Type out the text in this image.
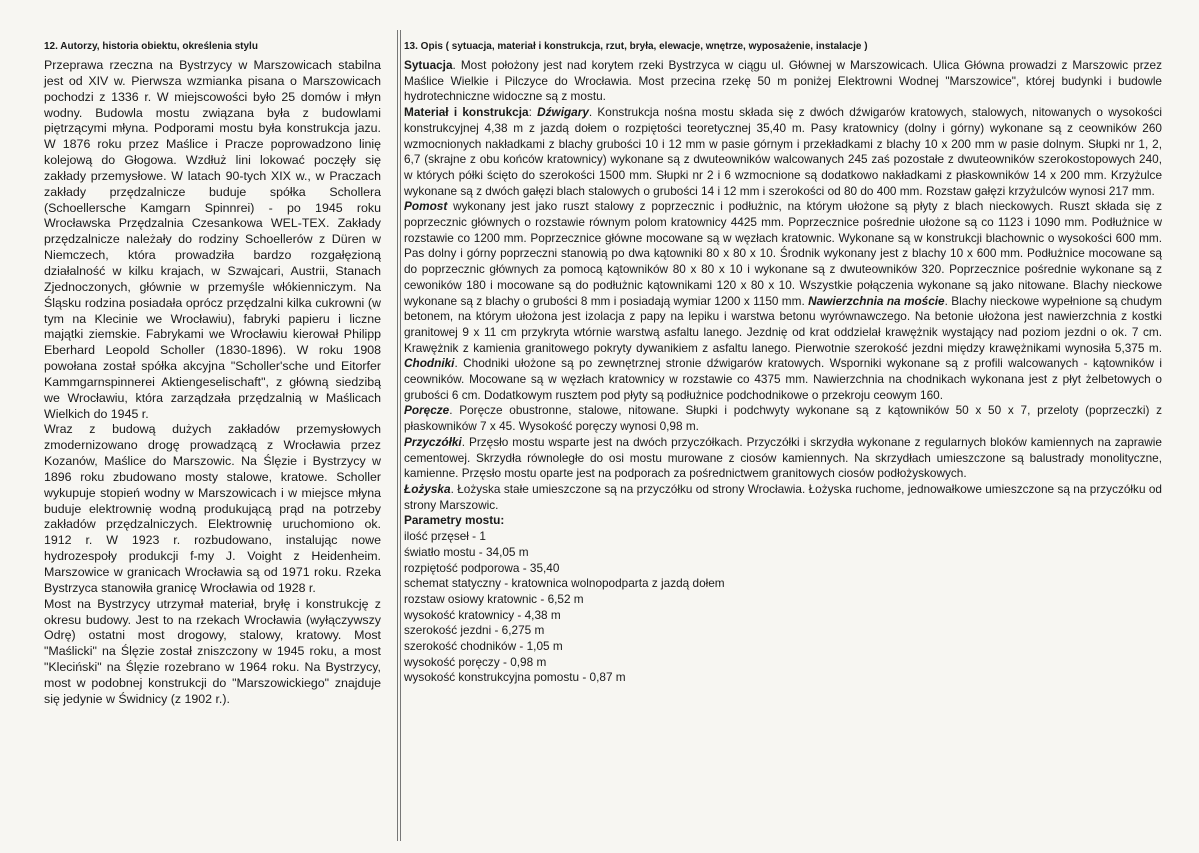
12. Autorzy, historia obiektu, określenia stylu

Przeprawa rzeczna na Bystrzycy w Marszowicach stabilna jest od XIV w. Pierwsza wzmianka pisana o Marszowicach pochodzi z 1336 r. W miejscowości było 25 domów i młyn wodny. Budowla mostu związana była z budowlami piętrzącymi młyna. Podporami mostu była konstrukcja jazu. W 1876 roku przez Maślice i Pracze poprowadzono linię kolejową do Głogowa. Wzdłuż lini lokować poczęły się zakłady przemysłowe. W latach 90-tych XIX w., w Praczach zakłady przędzalnicze buduje spółka Schollera (Schoellersche Kamgarn Spinnrei) - po 1945 roku Wrocławska Przędzalnia Czesankowa WEL-TEX. Zakłady przędzalnicze należały do rodziny Schoellerów z Düren w Niemczech, która prowadziła bardzo rozgałęzioną działalność w kilku krajach, w Szwajcari, Austrii, Stanach Zjednoczonych, głównie w przemyśle włókienniczym. Na Śląsku rodzina posiadała oprócz przędzalni kilka cukrowni (w tym na Klecinie we Wrocławiu), fabryki papieru i liczne majątki ziemskie. Fabrykami we Wrocławiu kierował Philipp Eberhard Leopold Scholler (1830-1896). W roku 1908 powołana został spółka akcyjna "Scholler'sche und Eitorfer Kammgarnspinnerei Aktiengeselischaft", z główną siedzibą we Wrocławiu, która zarządzała przędzalnią w Maślicach Wielkich do 1945 r.

Wraz z budową dużych zakładów przemysłowych zmodernizowano drogę prowadzącą z Wrocławia przez Kozanów, Maślice do Marszowic. Na Ślęzie i Bystrzycy w 1896 roku zbudowano mosty stalowe, kratowe. Scholler wykupuje stopień wodny w Marszowicach i w miejsce młyna buduje elektrownię wodną produkującą prąd na potrzeby zakładów przędzalniczych. Elektrownię uruchomiono ok. 1912 r. W 1923 r. rozbudowano, instalując nowe hydrozespoły produkcji f-my J. Voight z Heidenheim. Marszowice w granicach Wrocławia są od 1971 roku. Rzeka Bystrzyca stanowiła granicę Wrocławia od 1928 r.

Most na Bystrzycy utrzymał materiał, bryłę i konstrukcję z okresu budowy. Jest to na rzekach Wrocławia (wyłączywszy Odrę) ostatni most drogowy, stalowy, kratowy. Most "Maślicki" na Ślęzie został zniszczony w 1945 roku, a most "Kleciński" na Ślęzie rozebrano w 1964 roku. Na Bystrzycy, most w podobnej konstrukcji do "Marszowickiego" znajduje się jedynie w Świdnicy (z 1902 r.).

13. Opis ( sytuacja, materiał i konstrukcja, rzut, bryła, elewacje, wnętrze, wyposażenie, instalacje )

Sytuacja. Most położony jest nad korytem rzeki Bystrzyca w ciągu ul. Głównej w Marszowicach. Ulica Główna prowadzi z Marszowic przez Maślice Wielkie i Pilczyce do Wrocławia. Most przecina rzekę 50 m poniżej Elektrowni Wodnej "Marszowice", której budynki i budowle hydrotechniczne widoczne są z mostu.

Materiał i konstrukcja: Dźwigary. Konstrukcja nośna mostu składa się z dwóch dźwigarów kratowych, stalowych, nitowanych o wysokości konstrukcyjnej 4,38 m z jazdą dołem o rozpiętości teoretycznej 35,40 m. Pasy kratownicy (dolny i górny) wykonane są z ceowników 260 wzmocnionych nakładkami z blachy grubości 10 i 12 mm w pasie górnym i przekładkami z blachy 10 x 200 mm w pasie dolnym. Słupki nr 1, 2, 6,7 (skrajne z obu końców kratownicy) wykonane są z dwuteowników walcowanych 245 zaś pozostałe z dwuteowników szerokostopowych 240, w których półki ścięto do szerokości 1500 mm. Słupki nr 2 i 6 wzmocnione są dodatkowo nakładkami z płaskowników 14 x 200 mm. Krzyżulce wykonane są z dwóch gałęzi blach stalowych o grubości 14 i 12 mm i szerokości od 80 do 400 mm. Rozstaw gałęzi krzyżulców wynosi 217 mm.

Pomost wykonany jest jako ruszt stalowy z poprzecznic i podłużnic, na którym ułożone są płyty z blach nieckowych. Ruszt składa się z poprzecznic głównych o rozstawie równym polom kratownicy 4425 mm. Poprzecznice pośrednie ułożone są co 1123 i 1090 mm. Podłużnice w rozstawie co 1200 mm. Poprzecznice główne mocowane są w węzłach kratownic. Wykonane są w konstrukcji blachownic o wysokości 600 mm. Pas dolny i górny poprzeczni stanowią po dwa kątowniki 80 x 80 x 10. Środnik wykonany jest z blachy 10 x 600 mm. Podłużnice mocowane są do poprzecznic głównych za pomocą kątowników 80 x 80 x 10 i wykonane są z dwuteowników 320. Poprzecznice pośrednie wykonane są z cewoników 180 i mocowane są do podłużnic kątownikami 120 x 80 x 10. Wszystkie połączenia wykonane są jako nitowane. Blachy nieckowe wykonane są z blachy o grubości 8 mm i posiadają wymiar 1200 x 1150 mm. Nawierzchnia na moście. Blachy nieckowe wypełnione są chudym betonem, na którym ułożona jest izolacja z papy na lepiku i warstwa betonu wyrównawczego. Na betonie ułożona jest nawierzchnia z kostki granitowej 9 x 11 cm przykryta wtórnie warstwą asfaltu lanego. Jezdnię od krat oddzielał krawężnik wystający nad poziom jezdni o ok. 7 cm. Krawężnik z kamienia granitowego pokryty dywanikiem z asfaltu lanego. Pierwotnie szerokość jezdni między krawężnikami wynosiła 5,375 m. Chodniki. Chodniki ułożone są po zewnętrznej stronie dźwigarów kratowych. Wsporniki wykonane są z profili walcowanych - kątowników i ceowników. Mocowane są w węzłach kratownicy w rozstawie co 4375 mm. Nawierzchnia na chodnikach wykonana jest z płyt żelbetowych o grubości 6 cm. Dodatkowym rusztem pod płyty są podłużnice podchodnikowe o przekroju ceowym 160.

Poręcze. Poręcze obustronne, stalowe, nitowane. Słupki i podchwyty wykonane są z kątowników 50 x 50 x 7, przeloty (poprzeczki) z płaskowników 7 x 45. Wysokość poręczy wynosi 0,98 m.

Przyczółki. Przęsło mostu wsparte jest na dwóch przyczółkach. Przyczółki i skrzydła wykonane z regularnych bloków kamiennych na zaprawie cementowej. Skrzydła równoległe do osi mostu murowane z ciosów kamiennych. Na skrzydłach umieszczone są balustrady monolityczne, kamienne. Przęsło mostu oparte jest na podporach za pośrednictwem granitowych ciosów podłożyskowych.

Łożyska. Łożyska stałe umieszczone są na przyczółku od strony Wrocławia. Łożyska ruchome, jednowałkowe umieszczone są na przyczółku od strony Marszowic.

Parametry mostu:

ilość przęseł - 1
światło mostu - 34,05 m
rozpiętość podporowa - 35,40
schemat statyczny - kratownica wolnopodparta z jazdą dołem
rozstaw osiowy kratownic - 6,52 m
wysokość kratownicy - 4,38 m
szerokość jezdni - 6,275 m
szerokość chodników - 1,05 m
wysokość poręczy - 0,98 m
wysokość konstrukcyjna pomostu - 0,87 m
